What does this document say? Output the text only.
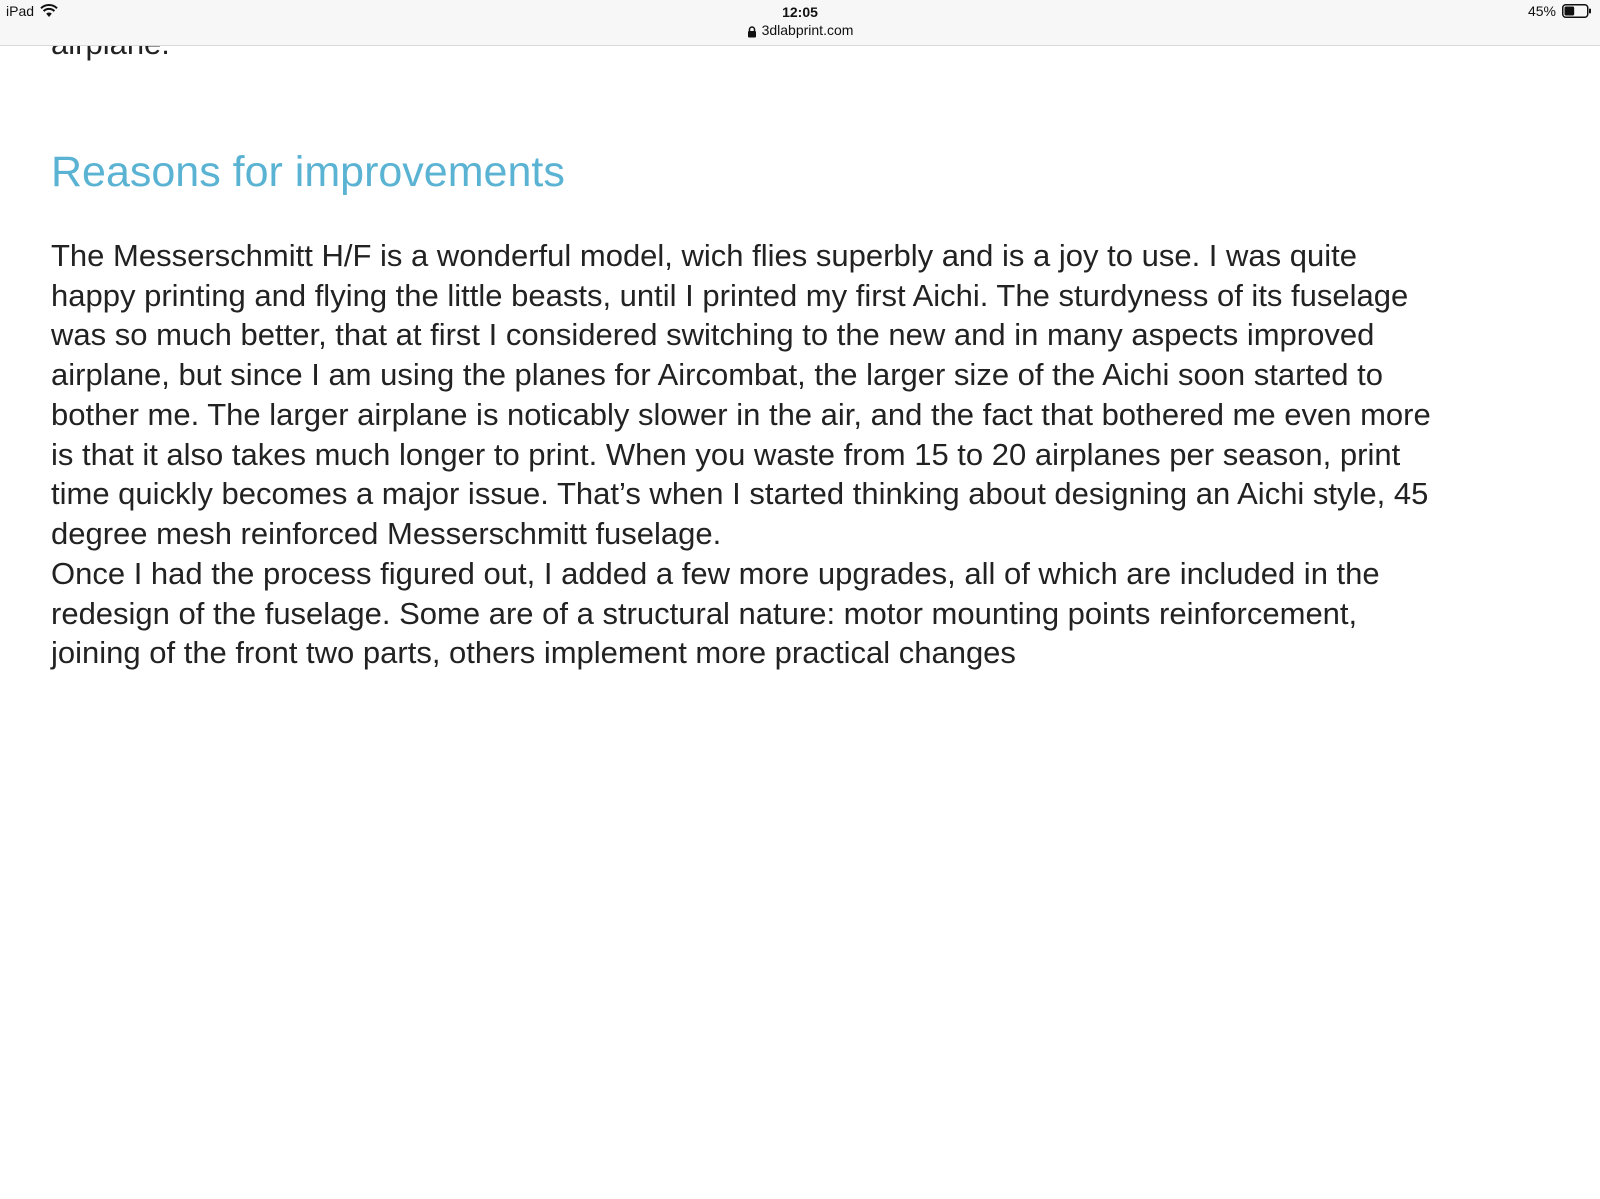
iPad	12:05
3dlabprint.com
45%
Reasons for improvements

The Messerschmitt H/F is a wonderful model, wich flies superbly and is a joy to use. I was quite
happy printing and flying the little beasts, until I printed my first Aichi. The sturdyness of its fuselage
was so much better, that at first I considered switching to the new and in many aspects improved
airplane, but since I am using the planes for Aircombat, the larger size of the Aichi soon started to
bother me. The larger airplane is noticably slower in the air, and the fact that bothered me even more
is that it also takes much longer to print. When you waste from 15 to 20 airplanes per season, print
time quickly becomes a major issue. That’s when I started thinking about designing an Aichi style, 45
degree mesh reinforced Messerschmitt fuselage.

Once I had the process figured out, I added a few more upgrades, all of which are included in the
redesign of the fuselage. Some are of a structural nature: motor mounting points reinforcement,
joining of the front two parts, others implement more practical changes
